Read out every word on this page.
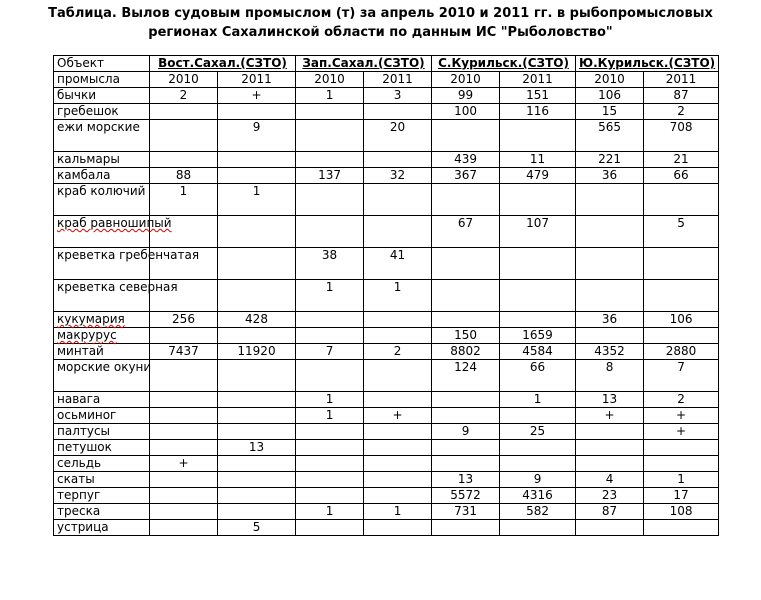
Таблица. Вылов судовым промыслом (т) за апрель 2010 и 2011 гг. в рыбопромысловых
регионах Сахалинской области по данным ИС "Рыболовство"
Объект	Вост.Сахал.(СЗТО)		Зап.Сахал.(СЗТО)		С.Курильск.(СЗТО)		Ю.Курильск.(СЗТО)	
промысла	2010	2011	2010	2011	2010	2011	2010	2011
бычки	2	+	1	3	99	151	106	87
гребешок					100	116	15	2
ежи морские		9		20			565	708
кальмары					439	11	221	21
камбала	88		137	32	367	479	36	66
краб колючий	1	1						
краб равношипый					67	107		5
креветка гребенчатая			38	41				
креветка северная			1	1				
кукумария	256	428					36	106
макрурус					150	1659		
минтай	7437	11920	7	2	8802	4584	4352	2880
морские окуни					124	66	8	7
навага			1			1	13	2
осьминог			1	+			+	+
палтусы					9	25		+
петушок		13						
сельдь	+							
скаты					13	9	4	1
терпуг					5572	4316	23	17
треска			1	1	731	582	87	108
устрица		5						
